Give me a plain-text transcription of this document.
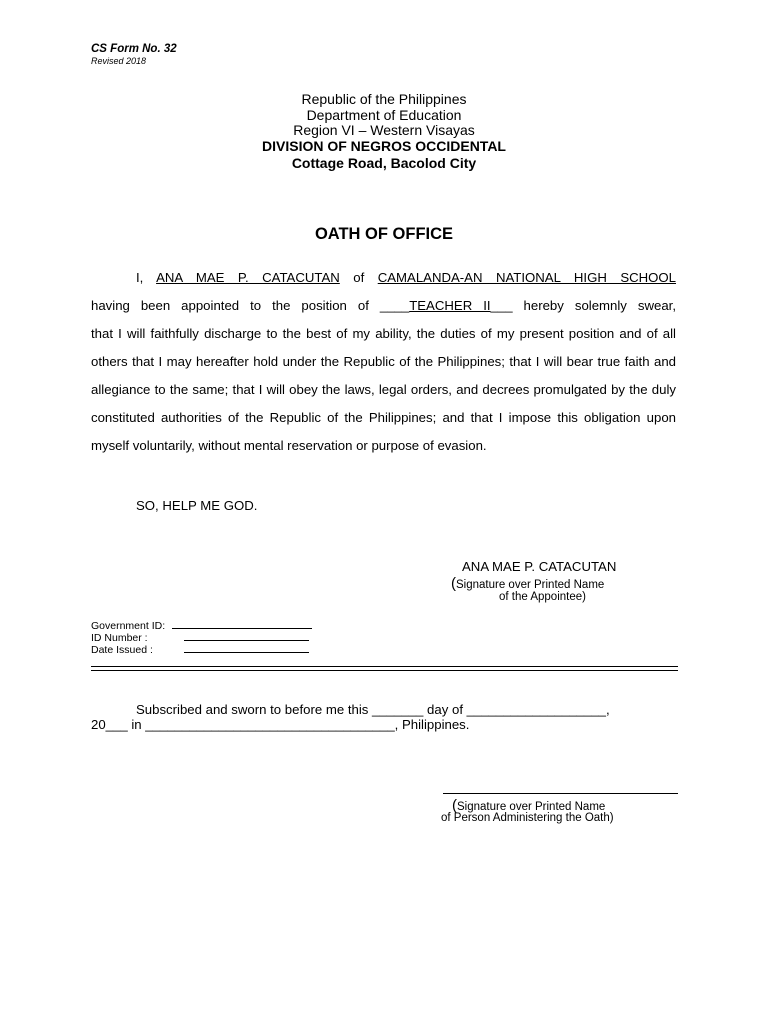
CS Form No. 32
Revised 2018
Republic of the Philippines
Department of Education
Region VI – Western Visayas
DIVISION OF NEGROS OCCIDENTAL
Cottage Road, Bacolod City
OATH OF OFFICE
I, ANA MAE P. CATACUTAN of CAMALANDA-AN NATIONAL HIGH SCHOOL
having been appointed to the position of ____TEACHER II___ hereby solemnly swear,
that I will faithfully discharge to the best of my ability, the duties of my present position and of all others that I may hereafter hold under the Republic of the Philippines; that I will bear true faith and allegiance to the same; that I will obey the laws, legal orders, and decrees promulgated by the duly constituted authorities of the Republic of the Philippines; and that I impose this obligation upon myself voluntarily, without mental reservation or purpose of evasion.
SO, HELP ME GOD.
ANA MAE P. CATACUTAN
(Signature over Printed Name
of the Appointee)
Government ID:
ID Number :
Date Issued :
Subscribed and sworn to before me this _______ day of ___________________,
20___ in __________________________________, Philippines.
(Signature over Printed Name
of Person Administering the Oath)
